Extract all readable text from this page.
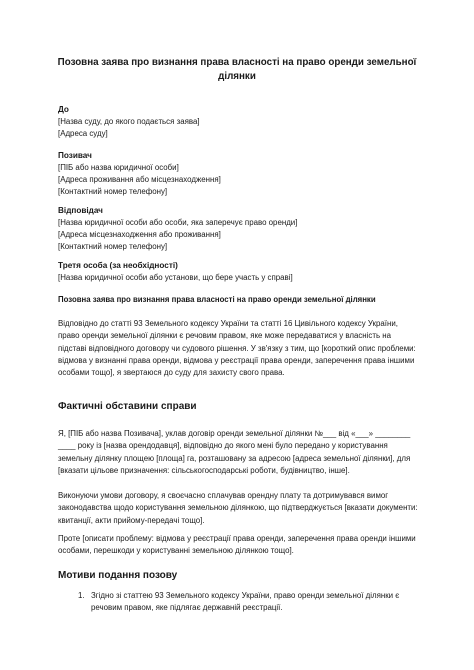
Позовна заява про визнання права власності на право оренди земельної ділянки

До

[Назва суду, до якого подається заява]

[Адреса суду]

Позивач

[ПІБ або назва юридичної особи]

[Адреса проживання або місцезнаходження]

[Контактний номер телефону]

Відповідач

[Назва юридичної особи або особи, яка заперечує право оренди]

[Адреса місцезнаходження або проживання]

[Контактний номер телефону]

Третя особа (за необхідності)

[Назва юридичної особи або установи, що бере участь у справі]

Позовна заява про визнання права власності на право оренди земельної ділянки

Відповідно до статті 93 Земельного кодексу України та статті 16 Цивільного кодексу України, право оренди земельної ділянки є речовим правом, яке може передаватися у власність на підставі відповідного договору чи судового рішення. У зв'язку з тим, що [короткий опис проблеми: відмова у визнанні права оренди, відмова у реєстрації права оренди, заперечення права іншими особами тощо], я звертаюся до суду для захисту свого права.

Фактичні обставини справи

Я, [ПІБ або назва Позивача], уклав договір оренди земельної ділянки №___ від «___» ________ ____ року із [назва орендодавця], відповідно до якого мені було передано у користування земельну ділянку площею [площа] га, розташовану за адресою [адреса земельної ділянки], для [вказати цільове призначення: сільськогосподарські роботи, будівництво, інше].

Виконуючи умови договору, я своєчасно сплачував орендну плату та дотримувався вимог законодавства щодо користування земельною ділянкою, що підтверджується [вказати документи: квитанції, акти прийому-передачі тощо].

Проте [описати проблему: відмова у реєстрації права оренди, заперечення права оренди іншими особами, перешкоди у користуванні земельною ділянкою тощо].

Мотиви подання позову

1. Згідно зі статтею 93 Земельного кодексу України, право оренди земельної ділянки є речовим правом, яке підлягає державній реєстрації.
